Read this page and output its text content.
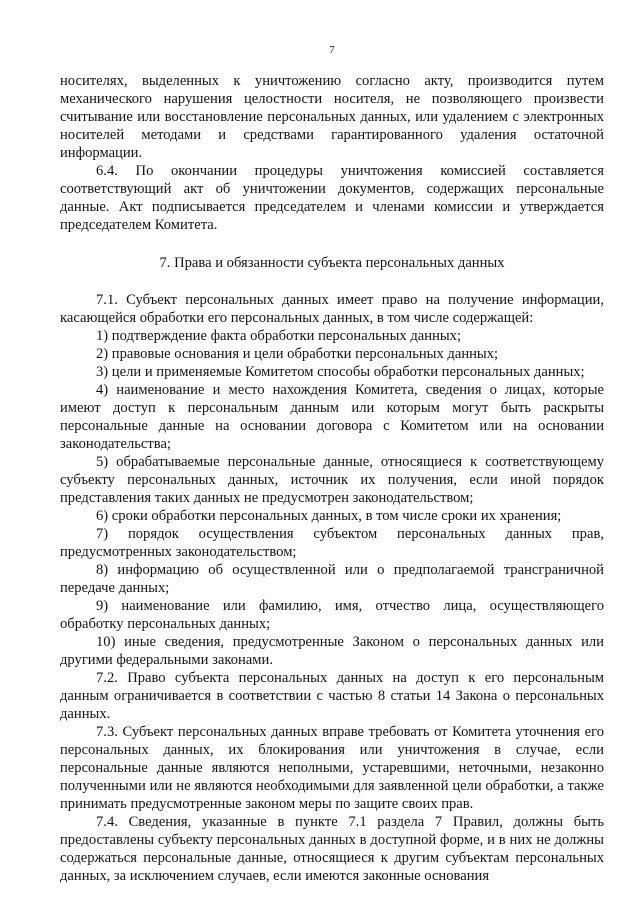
7

носителях, выделенных к уничтожению согласно акту, производится путем механического нарушения целостности носителя, не позволяющего произвести считывание или восстановление персональных данных, или удалением с электронных носителей методами и средствами гарантированного удаления остаточной информации.

6.4. По окончании процедуры уничтожения комиссией составляется соответствующий акт об уничтожении документов, содержащих персональные данные. Акт подписывается председателем и членами комиссии и утверждается председателем Комитета.

7. Права и обязанности субъекта персональных данных

7.1. Субъект персональных данных имеет право на получение информации, касающейся обработки его персональных данных, в том числе содержащей:

1) подтверждение факта обработки персональных данных;

2) правовые основания и цели обработки персональных данных;

3) цели и применяемые Комитетом способы обработки персональных данных;

4) наименование и место нахождения Комитета, сведения о лицах, которые имеют доступ к персональным данным или которым могут быть раскрыты персональные данные на основании договора с Комитетом или на основании законодательства;

5) обрабатываемые персональные данные, относящиеся к соответствующему субъекту персональных данных, источник их получения, если иной порядок представления таких данных не предусмотрен законодательством;

6) сроки обработки персональных данных, в том числе сроки их хранения;

7) порядок осуществления субъектом персональных данных прав, предусмотренных законодательством;

8) информацию об осуществленной или о предполагаемой трансграничной передаче данных;

9) наименование или фамилию, имя, отчество лица, осуществляющего обработку персональных данных;

10) иные сведения, предусмотренные Законом о персональных данных или другими федеральными законами.

7.2. Право субъекта персональных данных на доступ к его персональным данным ограничивается в соответствии с частью 8 статьи 14 Закона о персональных данных.

7.3. Субъект персональных данных вправе требовать от Комитета уточнения его персональных данных, их блокирования или уничтожения в случае, если персональные данные являются неполными, устаревшими, неточными, незаконно полученными или не являются необходимыми для заявленной цели обработки, а также принимать предусмотренные законом меры по защите своих прав.

7.4. Сведения, указанные в пункте 7.1 раздела 7 Правил, должны быть предоставлены субъекту персональных данных в доступной форме, и в них не должны содержаться персональные данные, относящиеся к другим субъектам персональных данных, за исключением случаев, если имеются законные основания
